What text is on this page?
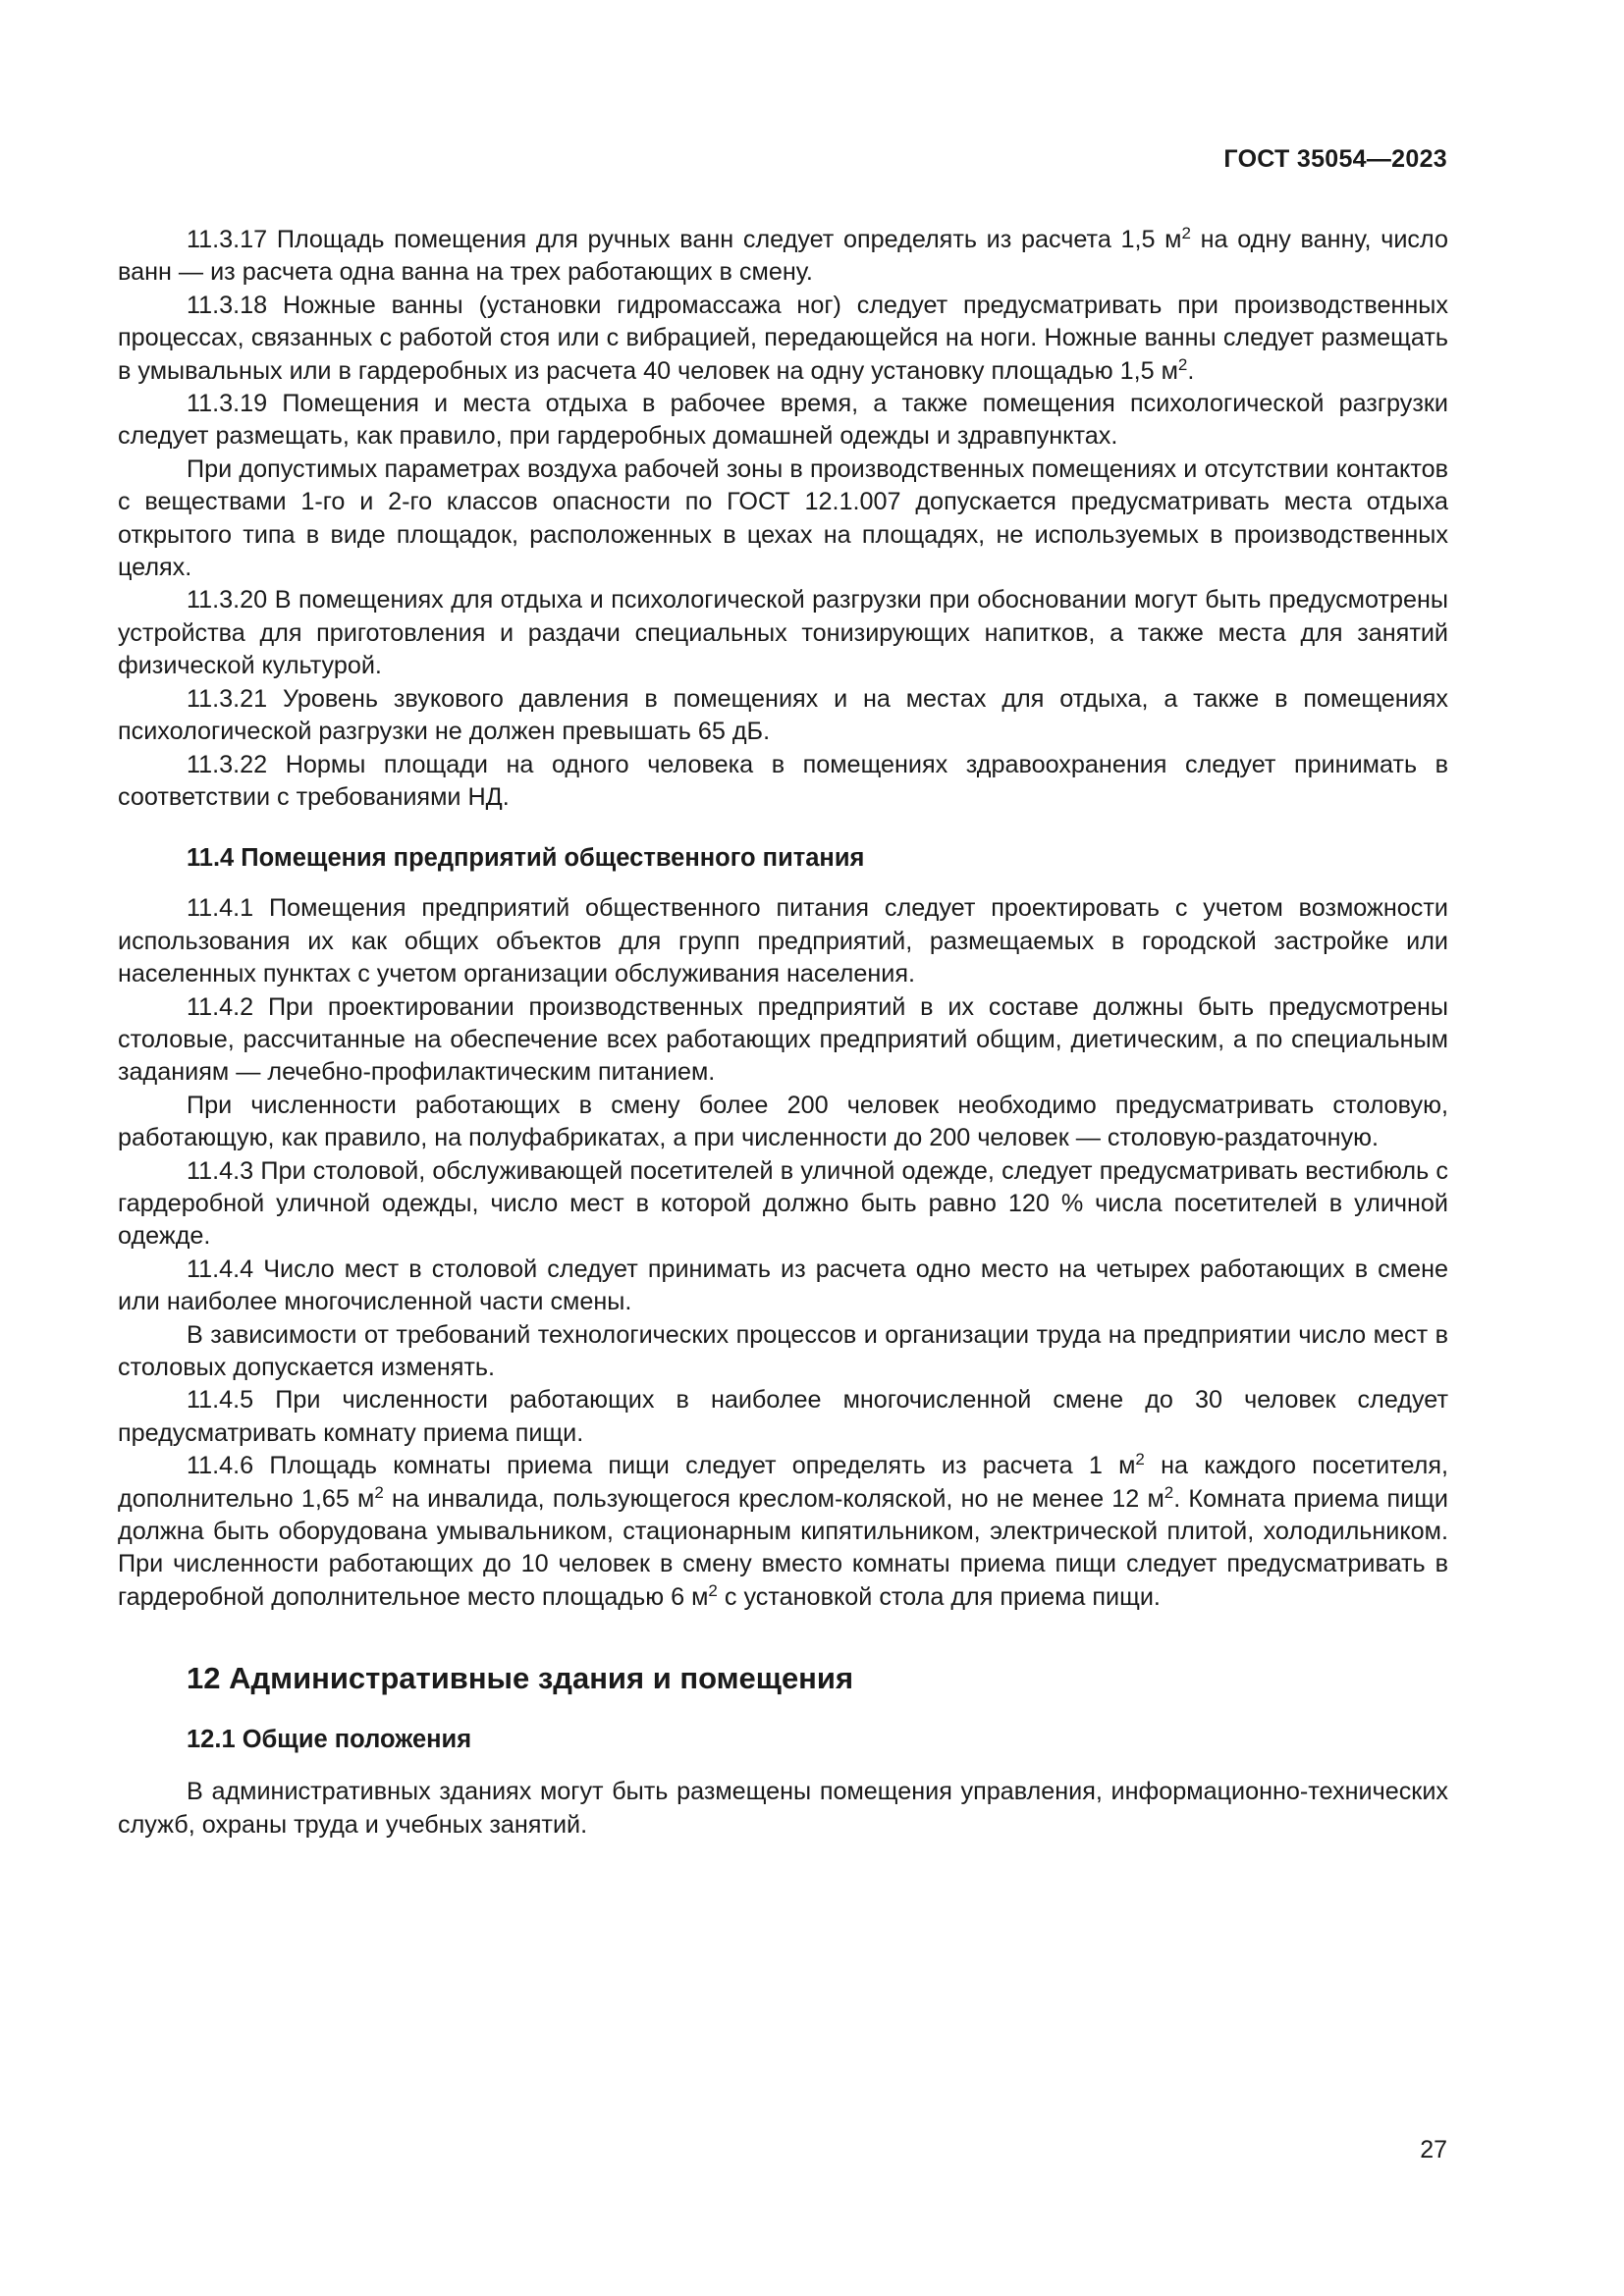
ГОСТ 35054—2023

11.3.17 Площадь помещения для ручных ванн следует определять из расчета 1,5 $м^2$ на одну ванну, число ванн — из расчета одна ванна на трех работающих в смену.

11.3.18 Ножные ванны (установки гидромассажа ног) следует предусматривать при производственных процессах, связанных с работой стоя или с вибрацией, передающейся на ноги. Ножные ванны следует размещать в умывальных или в гардеробных из расчета 40 человек на одну установку площадью 1,5 $м^2$.

11.3.19 Помещения и места отдыха в рабочее время, а также помещения психологической разгрузки следует размещать, как правило, при гардеробных домашней одежды и здравпунктах.

При допустимых параметрах воздуха рабочей зоны в производственных помещениях и отсутствии контактов с веществами 1-го и 2-го классов опасности по ГОСТ 12.1.007 допускается предусматривать места отдыха открытого типа в виде площадок, расположенных в цехах на площадях, не используемых в производственных целях.

11.3.20 В помещениях для отдыха и психологической разгрузки при обосновании могут быть предусмотрены устройства для приготовления и раздачи специальных тонизирующих напитков, а также места для занятий физической культурой.

11.3.21 Уровень звукового давления в помещениях и на местах для отдыха, а также в помещениях психологической разгрузки не должен превышать 65 дБ.

11.3.22 Нормы площади на одного человека в помещениях здравоохранения следует принимать в соответствии с требованиями НД.

11.4 Помещения предприятий общественного питания

11.4.1 Помещения предприятий общественного питания следует проектировать с учетом возможности использования их как общих объектов для групп предприятий, размещаемых в городской застройке или населенных пунктах с учетом организации обслуживания населения.

11.4.2 При проектировании производственных предприятий в их составе должны быть предусмотрены столовые, рассчитанные на обеспечение всех работающих предприятий общим, диетическим, а по специальным заданиям — лечебно-профилактическим питанием.

При численности работающих в смену более 200 человек необходимо предусматривать столовую, работающую, как правило, на полуфабрикатах, а при численности до 200 человек — столовую-раздаточную.

11.4.3 При столовой, обслуживающей посетителей в уличной одежде, следует предусматривать вестибюль с гардеробной уличной одежды, число мест в которой должно быть равно 120 % числа посетителей в уличной одежде.

11.4.4 Число мест в столовой следует принимать из расчета одно место на четырех работающих в смене или наиболее многочисленной части смены.

В зависимости от требований технологических процессов и организации труда на предприятии число мест в столовых допускается изменять.

11.4.5 При численности работающих в наиболее многочисленной смене до 30 человек следует предусматривать комнату приема пищи.

11.4.6 Площадь комнаты приема пищи следует определять из расчета 1 $м^2$ на каждого посетителя, дополнительно 1,65 $м^2$ на инвалида, пользующегося креслом-коляской, но не менее 12 $м^2$. Комната приема пищи должна быть оборудована умывальником, стационарным кипятильником, электрической плитой, холодильником. При численности работающих до 10 человек в смену вместо комнаты приема пищи следует предусматривать в гардеробной дополнительное место площадью 6 $м^2$ с установкой стола для приема пищи.

12 Административные здания и помещения
12.1 Общие положения

В административных зданиях могут быть размещены помещения управления, информационно-технических служб, охраны труда и учебных занятий.

27
